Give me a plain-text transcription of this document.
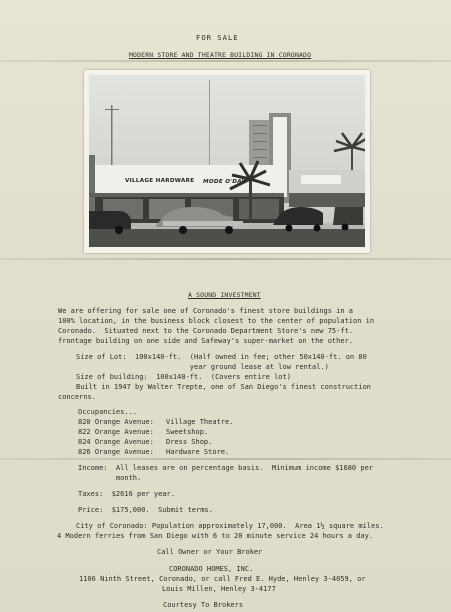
FOR SALE
MODERN STORE AND THEATRE BUILDING IN CORONADO
VILLAGE HARDWARE MODE O'DAY
A SOUND INVESTMENT
We are offering for sale one of Coronado's finest store buildings in a
100% location, in the business block closest to the center of population in
Coronado.  Situated next to the Coronado Department Store's new 75-ft.
frontage building on one side and Safeway's super-market on the other.
Size of Lot:  100x140-ft.  (Half owned in fee; other 50x140-ft. on 80
year ground lease at low rental.)
Size of building:  100x140-ft.  (Covers entire lot)
Built in 1947 by Walter Trepte, one of San Diego's finest construction
concerns.
Occupancies...
820 Orange Avenue: Village Theatre.
822 Orange Avenue: Sweetshop.
824 Orange Avenue: Dress Shop.
826 Orange Avenue: Hardware Store.
Income:  All leases are on percentage basis.  Minimum income $1680 per
month.
Taxes:  $2616 per year.
Price:  $175,000.  Submit terms.
City of Coronado: Population approximately 17,000.  Area 1½ square miles.
4 Modern ferries from San Diego with 6 to 20 minute service 24 hours a day.
Call Owner or Your Broker
CORONADO HOMES, INC.
1106 Ninth Street, Coronado, or call Fred E. Hyde, Henley 3-4059, or
Louis Millen, Henley 3-4177
Courtesy To Brokers
